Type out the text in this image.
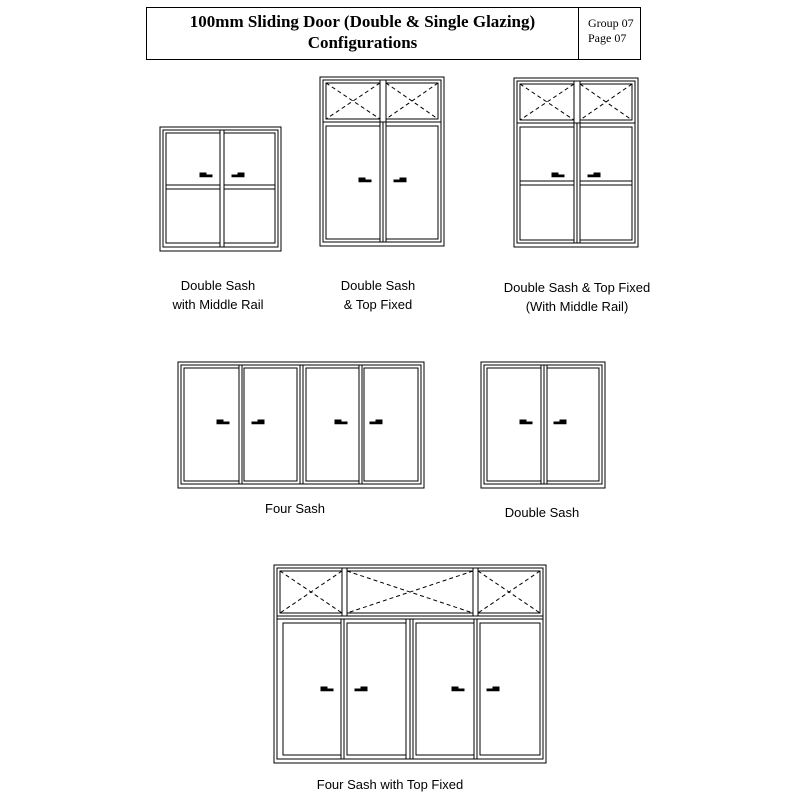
100mm Sliding Door (Double & Single Glazing)
Configurations
Group 07
Page 07
Double Sash
with Middle Rail
Double Sash
& Top Fixed
Double Sash & Top Fixed
(With Middle Rail)
Four Sash	Double Sash
Four Sash with Top Fixed
